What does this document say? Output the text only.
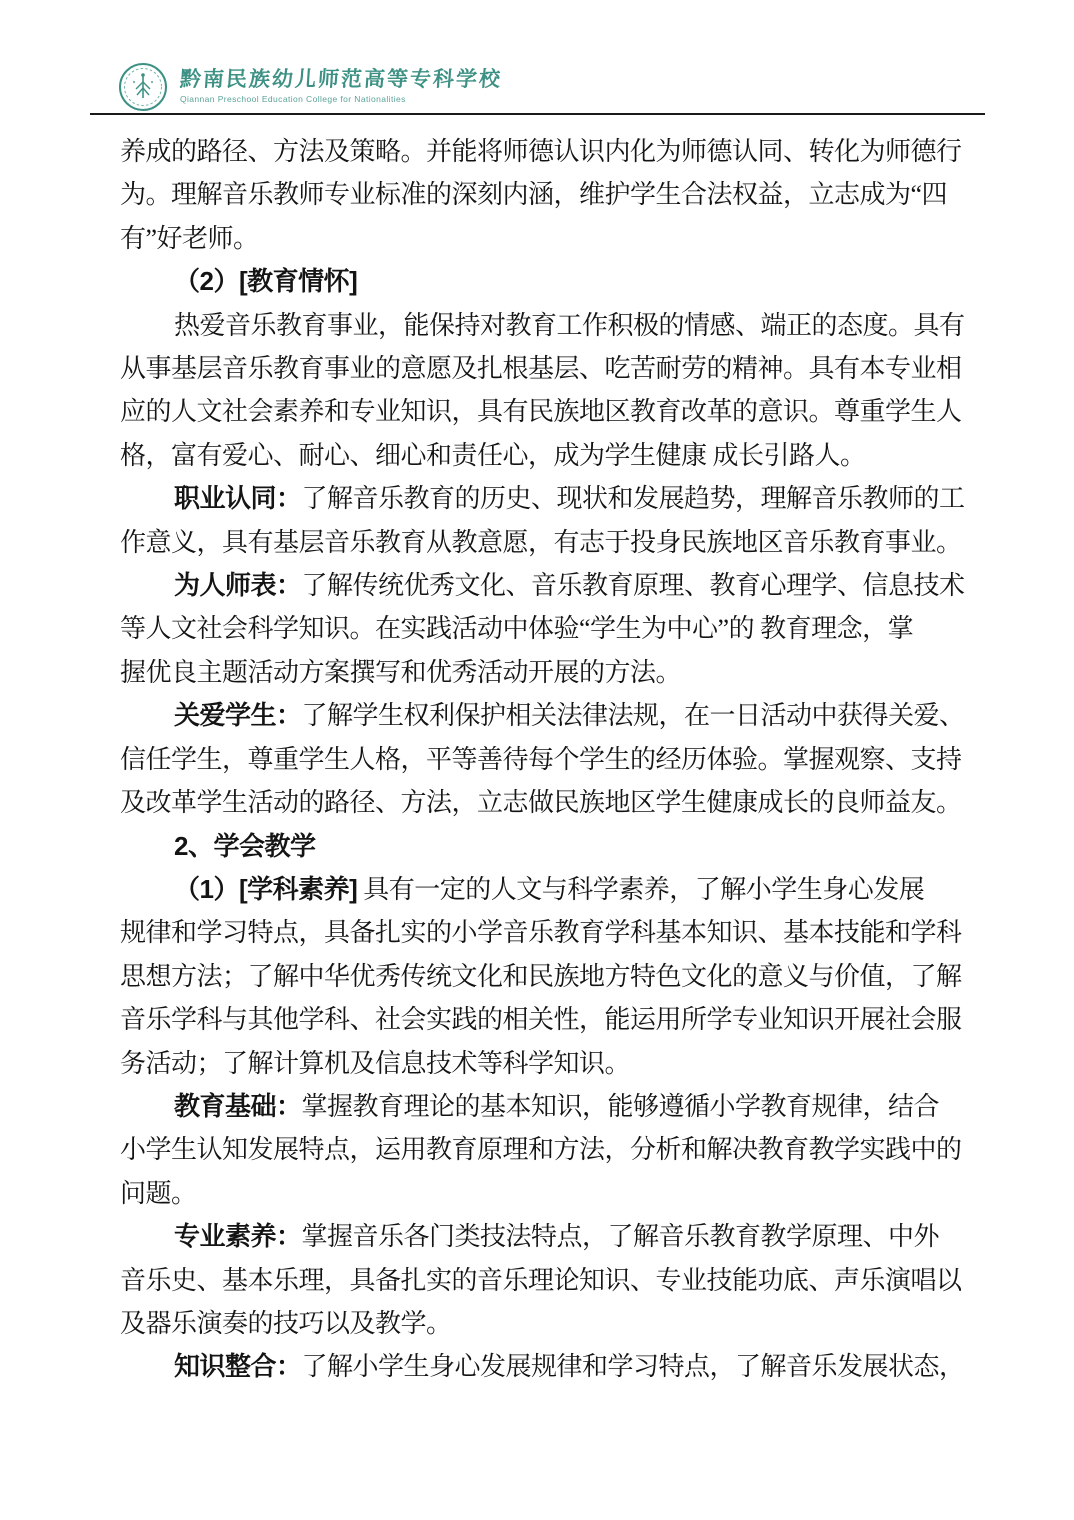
黔南民族幼儿师范高等专科学校
Qiannan Preschool Education College for Nationalities
养成的路径、方法及策略。并能将师德认识内化为师德认同、转化为师德行
为。理解音乐教师专业标准的深刻内涵，维护学生合法权益，立志成为“四
有”好老师。
（2）[教育情怀]
热爱音乐教育事业，能保持对教育工作积极的情感、端正的态度。具有
从事基层音乐教育事业的意愿及扎根基层、吃苦耐劳的精神。具有本专业相
应的人文社会素养和专业知识，具有民族地区教育改革的意识。尊重学生人
格，富有爱心、耐心、细心和责任心，成为学生健康 成长引路人。
职业认同：了解音乐教育的历史、现状和发展趋势，理解音乐教师的工
作意义，具有基层音乐教育从教意愿，有志于投身民族地区音乐教育事业。
为人师表：了解传统优秀文化、音乐教育原理、教育心理学、信息技术
等人文社会科学知识。在实践活动中体验“学生为中心”的 教育理念，掌
握优良主题活动方案撰写和优秀活动开展的方法。
关爱学生：了解学生权利保护相关法律法规，在一日活动中获得关爱、
信任学生，尊重学生人格，平等善待每个学生的经历体验。掌握观察、支持
及改革学生活动的路径、方法，立志做民族地区学生健康成长的良师益友。
2、学会教学
（1）[学科素养] 具有一定的人文与科学素养，了解小学生身心发展
规律和学习特点，具备扎实的小学音乐教育学科基本知识、基本技能和学科
思想方法；了解中华优秀传统文化和民族地方特色文化的意义与价值，了解
音乐学科与其他学科、社会实践的相关性，能运用所学专业知识开展社会服
务活动；了解计算机及信息技术等科学知识。
教育基础：掌握教育理论的基本知识，能够遵循小学教育规律，结合
小学生认知发展特点，运用教育原理和方法，分析和解决教育教学实践中的
问题。
专业素养：掌握音乐各门类技法特点，了解音乐教育教学原理、中外
音乐史、基本乐理，具备扎实的音乐理论知识、专业技能功底、声乐演唱以
及器乐演奏的技巧以及教学。
知识整合：了解小学生身心发展规律和学习特点，了解音乐发展状态，
